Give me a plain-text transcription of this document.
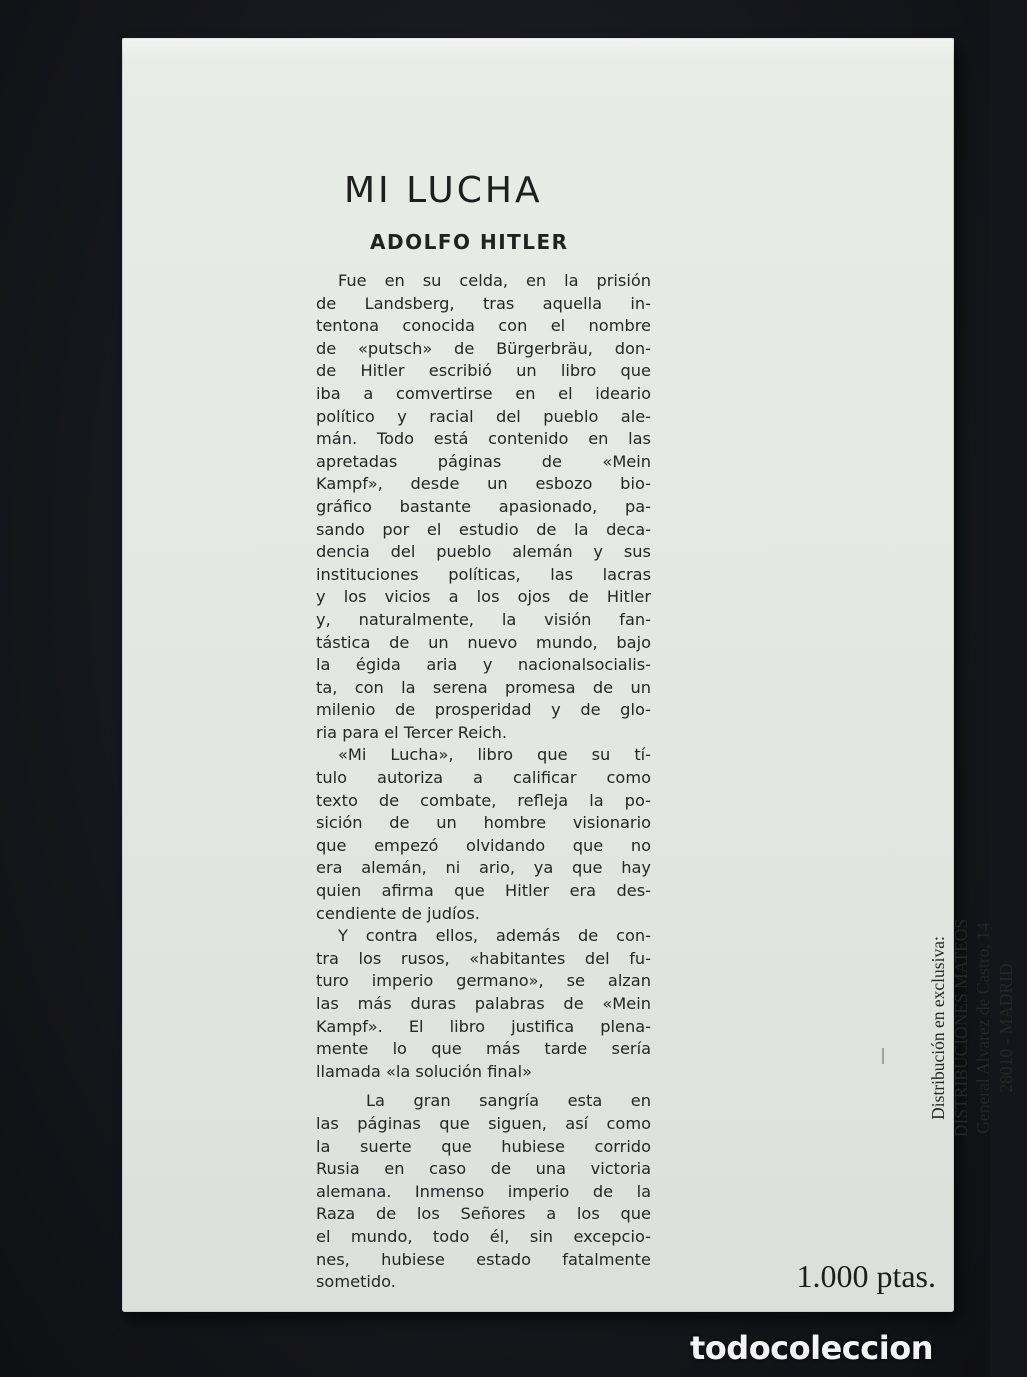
MI LUCHA
ADOLFO HITLER
Fue en su celda, en la prisión
de Landsberg, tras aquella in-
tentona conocida con el nombre
de «putsch» de Bürgerbräu, don-
de Hitler escribió un libro que
iba a comvertirse en el ideario
político y racial del pueblo ale-
mán. Todo está contenido en las
apretadas páginas de «Mein
Kampf», desde un esbozo bio-
gráfico bastante apasionado, pa-
sando por el estudio de la deca-
dencia del pueblo alemán y sus
instituciones políticas, las lacras
y los vicios a los ojos de Hitler
y, naturalmente, la visión fan-
tástica de un nuevo mundo, bajo
la égida aria y nacionalsocialis-
ta, con la serena promesa de un
milenio de prosperidad y de glo-
ria para el Tercer Reich.
«Mi Lucha», libro que su tí-
tulo autoriza a calificar como
texto de combate, refleja la po-
sición de un hombre visionario
que empezó olvidando que no
era alemán, ni ario, ya que hay
quien afirma que Hitler era des-
cendiente de judíos.
Y contra ellos, además de con-
tra los rusos, «habitantes del fu-
turo imperio germano», se alzan
las más duras palabras de «Mein
Kampf». El libro justifica plena-
mente lo que más tarde sería
llamada «la solución final»
La gran sangría esta en
las páginas que siguen, así como
la suerte que hubiese corrido
Rusia en caso de una victoria
alemana. Inmenso imperio de la
Raza de los Señores a los que
el mundo, todo él, sin excepcio-
nes, hubiese estado fatalmente
sometido.
Distribución en exclusiva: DISTRIBUCIONES MATEOS General Alvarez de Castro, 14 28010 - MADRID
1.000 ptas.
todocoleccion
